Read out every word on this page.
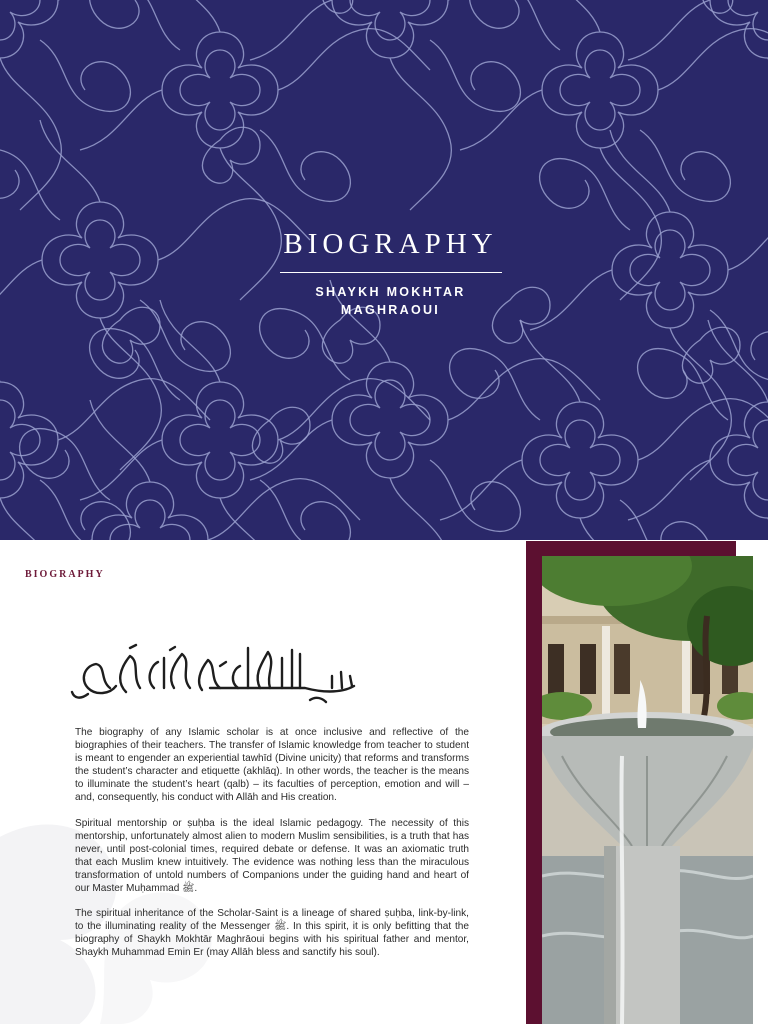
BIOGRAPHY
SHAYKH MOKHTAR
MAGHRAOUI
BIOGRAPHY

The biography of any Islamic scholar is at once inclusive and reflective of the biographies of their teachers. The transfer of Islamic knowledge from teacher to student is meant to engender an experiential tawhīd (Divine unicity) that reforms and transforms the student’s character and etiquette (akhlāq). In other words, the teacher is the means to illuminate the student’s heart (qalb) – its faculties of perception, emotion and will – and, consequently, his conduct with Allāh and His creation.

Spiritual mentorship or ṣuḥba is the ideal Islamic pedagogy. The necessity of this mentorship, unfortunately almost alien to modern Muslim sensibilities, is a truth that has never, until post-colonial times, required debate or defense. It was an axiomatic truth that each Muslim knew intuitively. The evidence was nothing less than the miraculous transformation of untold numbers of Companions under the guiding hand and heart of our Master Muḥammad ﷺ.

The spiritual inheritance of the Scholar-Saint is a lineage of shared ṣuḥba, link-by-link, to the illuminating reality of the Messenger ﷺ. In this spirit, it is only befitting that the biography of Shaykh Mokhtār Maghrāoui begins with his spiritual father and mentor, Shaykh Muhammad Emin Er (may Allāh bless and sanctify his soul).
